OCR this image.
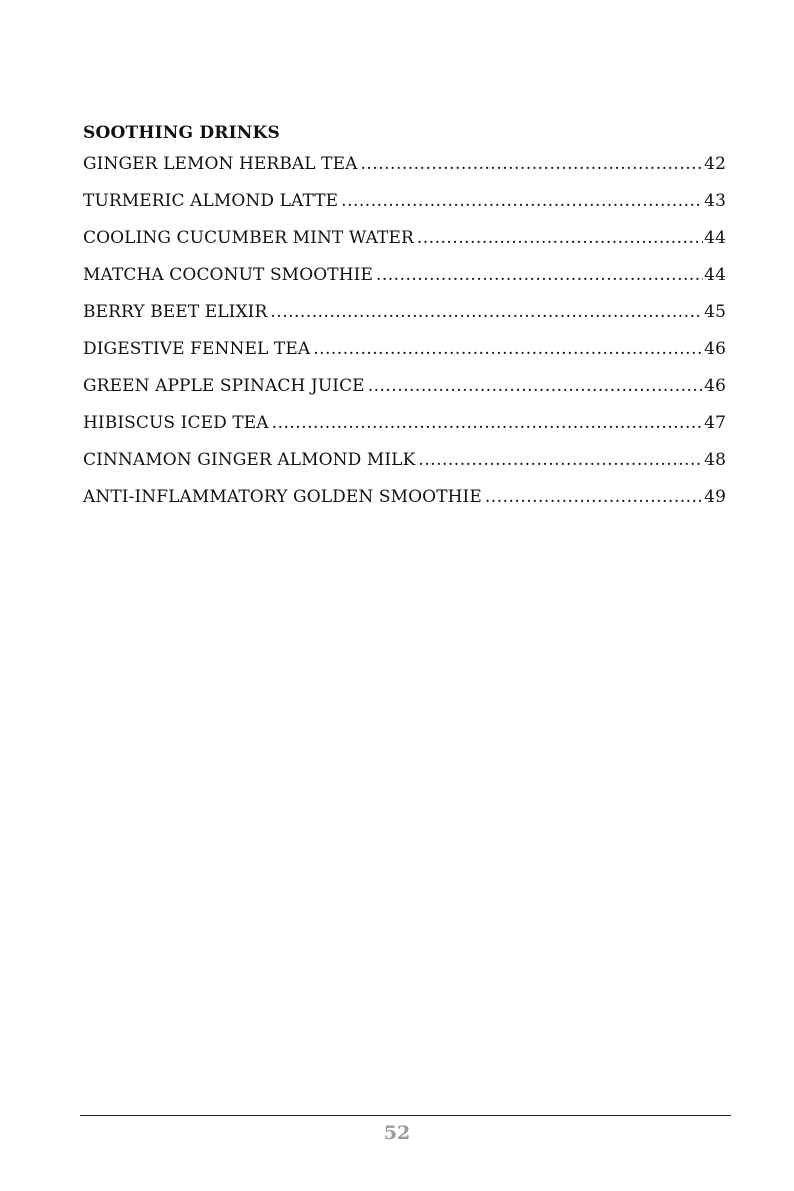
SOOTHING DRINKS
GINGER LEMON HERBAL TEA .....	42
TURMERIC ALMOND LATTE .....	43
COOLING CUCUMBER MINT WATER .....	44
MATCHA COCONUT SMOOTHIE .....	44
BERRY BEET ELIXIR .....	45
DIGESTIVE FENNEL TEA .....	46
GREEN APPLE SPINACH JUICE .....	46
HIBISCUS ICED TEA .....	47
CINNAMON GINGER ALMOND MILK .....	48
ANTI-INFLAMMATORY GOLDEN SMOOTHIE .....	49
52
